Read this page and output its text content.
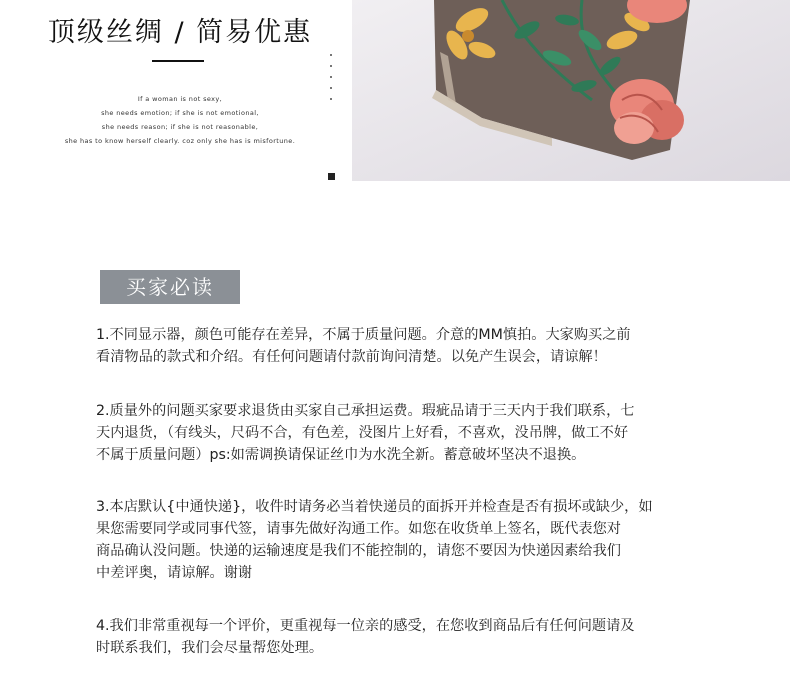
顶级丝绸 / 简易优惠
If a woman is not sexy,
she needs emotion; if she is not emotional,
she needs reason; if she is not reasonable,
she has to know herself clearly. coz only she has is misfortune.
买家必读

1.不同显示器，颜色可能存在差异，不属于质量问题。介意的MM慎拍。大家购买之前

看清物品的款式和介绍。有任何问题请付款前询问清楚。以免产生误会，请谅解！

2.质量外的问题买家要求退货由买家自己承担运费。瑕疵品请于三天内于我们联系，七

天内退货，（有线头，尺码不合，有色差，没图片上好看，不喜欢，没吊牌，做工不好

不属于质量问题）ps:如需调换请保证丝巾为水洗全新。蓄意破坏坚决不退换。

3.本店默认{中通快递}，收件时请务必当着快递员的面拆开并检查是否有损坏或缺少，如

果您需要同学或同事代签，请事先做好沟通工作。如您在收货单上签名，既代表您对

商品确认没问题。快递的运输速度是我们不能控制的，请您不要因为快递因素给我们

中差评奥，请谅解。谢谢

4.我们非常重视每一个评价，更重视每一位亲的感受，在您收到商品后有任何问题请及

时联系我们，我们会尽量帮您处理。
